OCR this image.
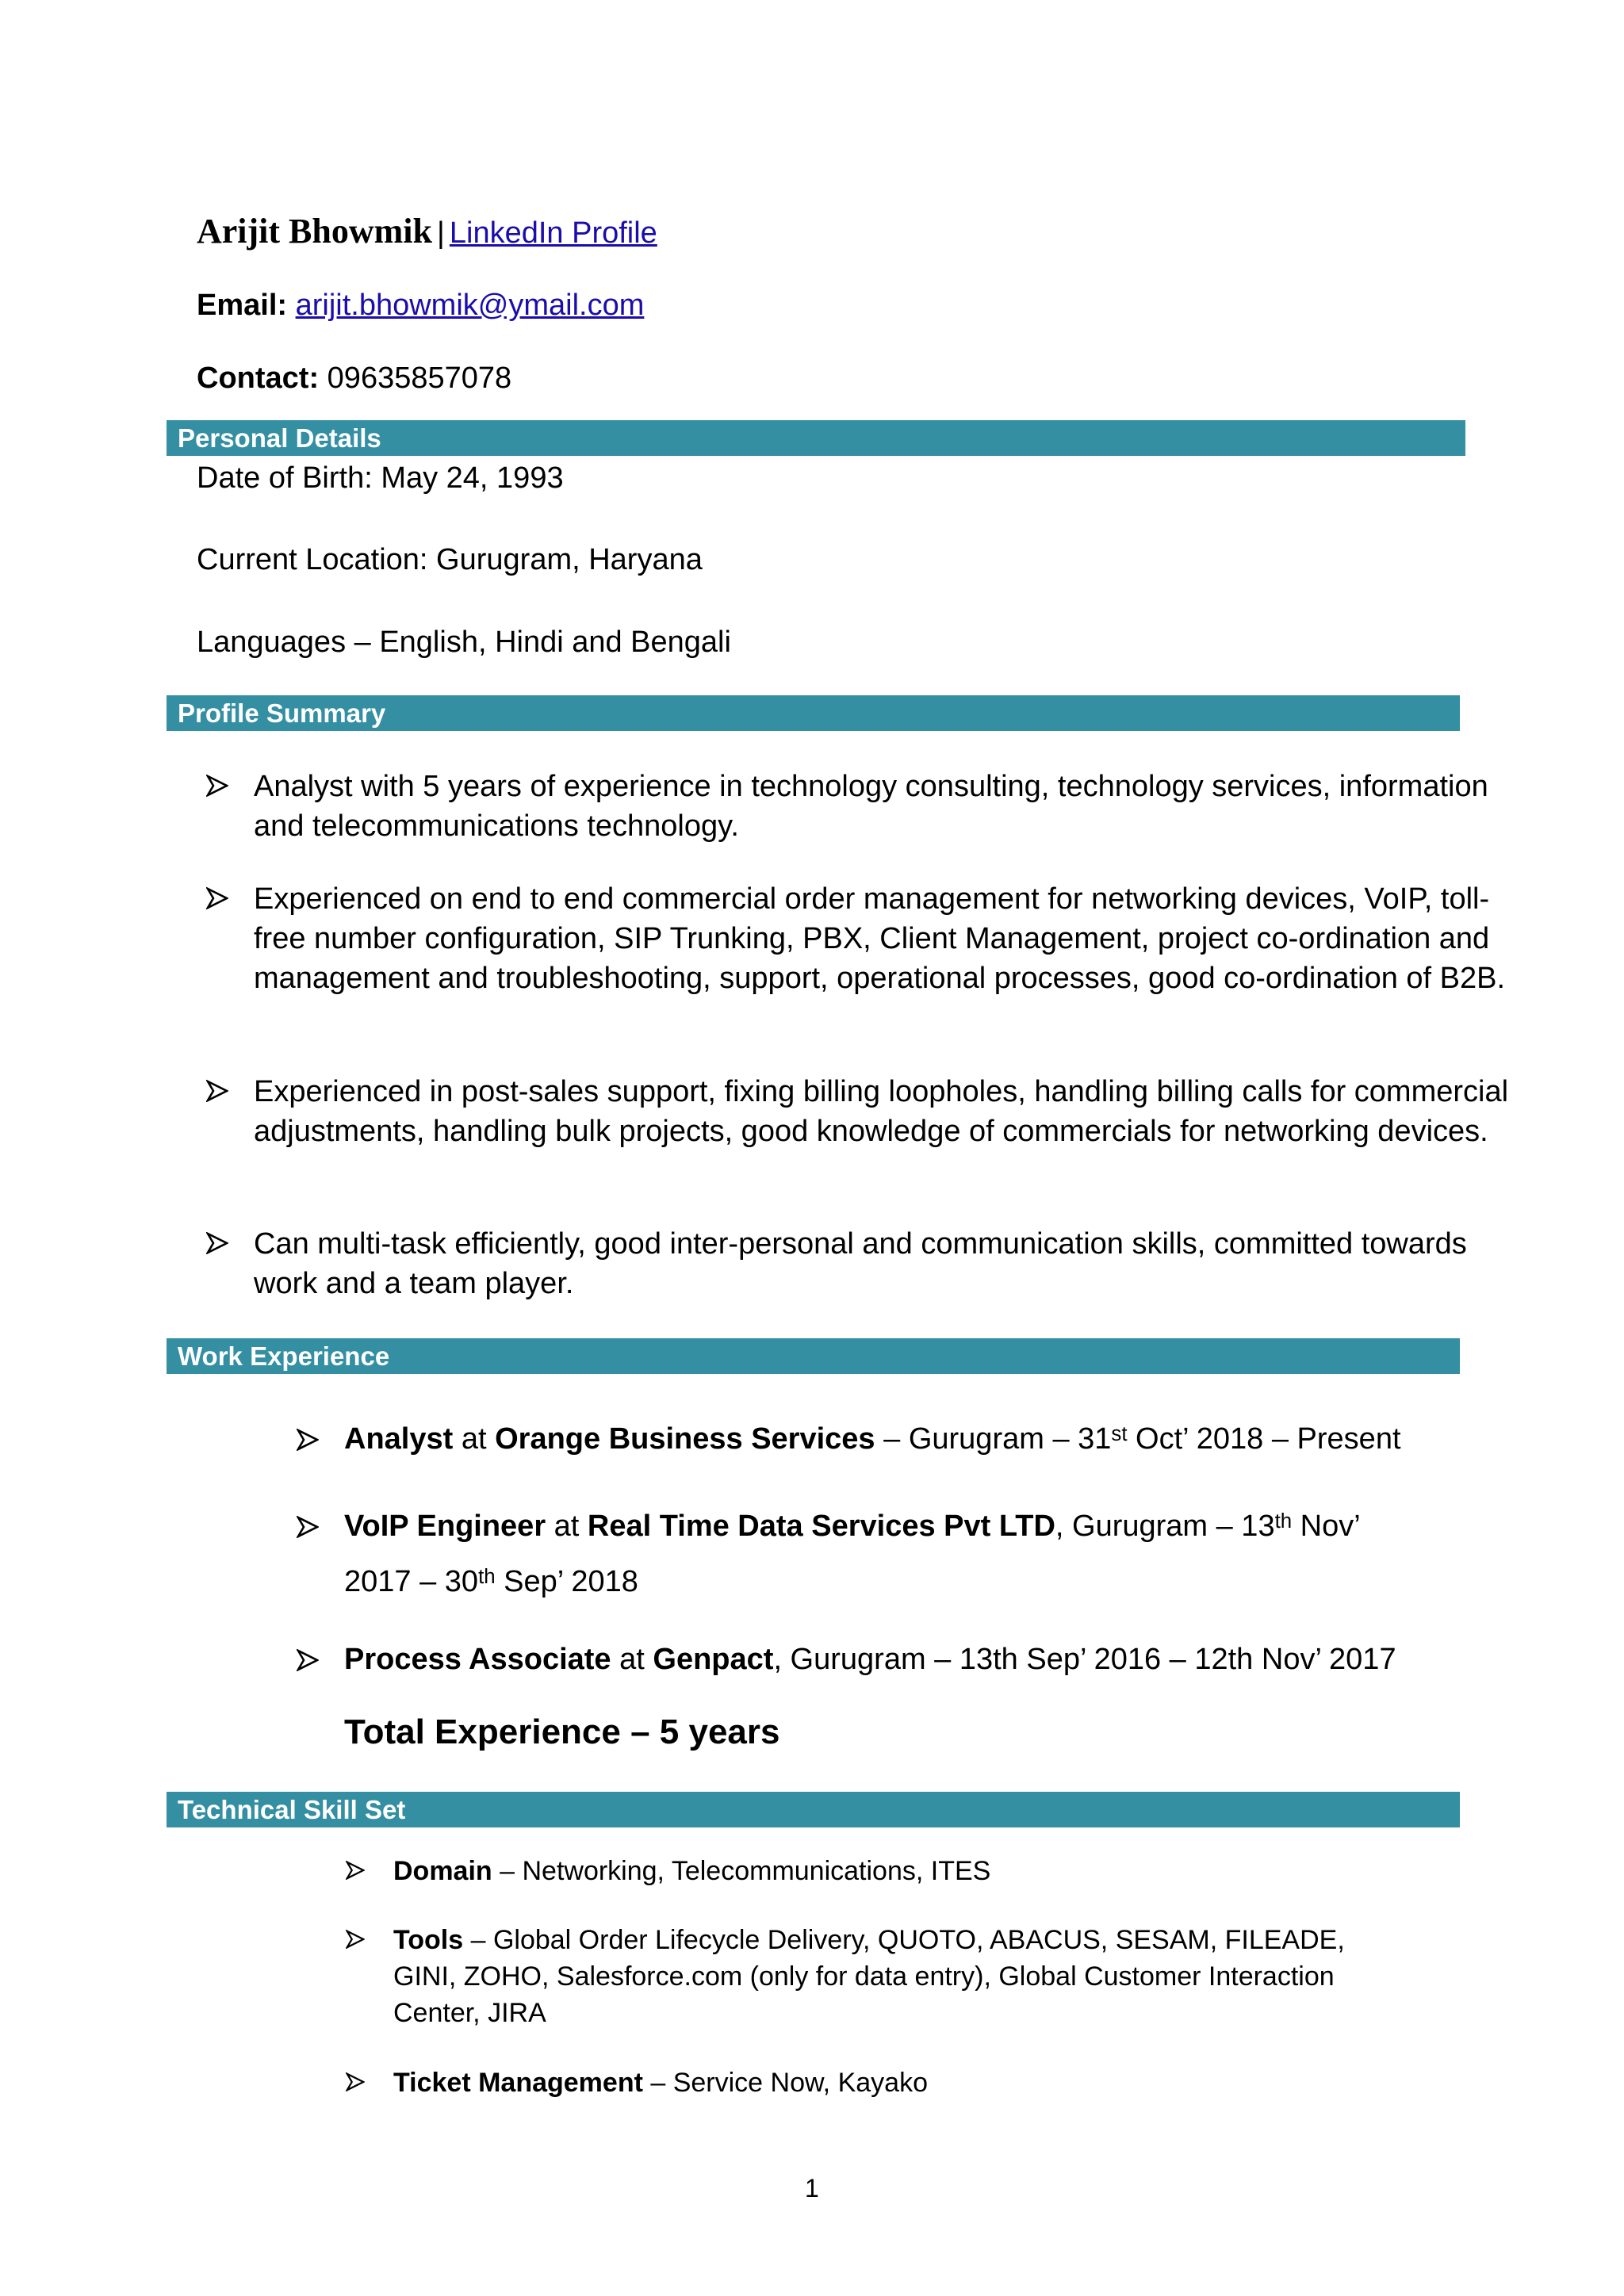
Arijit Bhowmik | LinkedIn Profile
Email: arijit.bhowmik@ymail.com
Contact: 09635857078
Personal Details
Date of Birth: May 24, 1993
Current Location: Gurugram, Haryana
Languages – English, Hindi and Bengali
Profile Summary
Analyst with 5 years of experience in technology consulting, technology services, information and telecommunications technology.
Experienced on end to end commercial order management for networking devices, VoIP, toll-free number configuration, SIP Trunking, PBX, Client Management, project co-ordination and management and troubleshooting, support, operational processes, good co-ordination of B2B.
Experienced in post-sales support, fixing billing loopholes, handling billing calls for commercial adjustments, handling bulk projects, good knowledge of commercials for networking devices.
Can multi-task efficiently, good inter-personal and communication skills, committed towards work and a team player.
Work Experience
Analyst at Orange Business Services – Gurugram – 31st Oct’ 2018 – Present
VoIP Engineer at Real Time Data Services Pvt LTD, Gurugram – 13th Nov’ 2017 – 30th Sep’ 2018
Process Associate at Genpact, Gurugram – 13th Sep’ 2016 – 12th Nov’ 2017
Total Experience – 5 years
Technical Skill Set
Domain – Networking, Telecommunications, ITES
Tools – Global Order Lifecycle Delivery, QUOTO, ABACUS, SESAM, FILEADE, GINI, ZOHO, Salesforce.com (only for data entry), Global Customer Interaction Center, JIRA
Ticket Management – Service Now, Kayako
1
